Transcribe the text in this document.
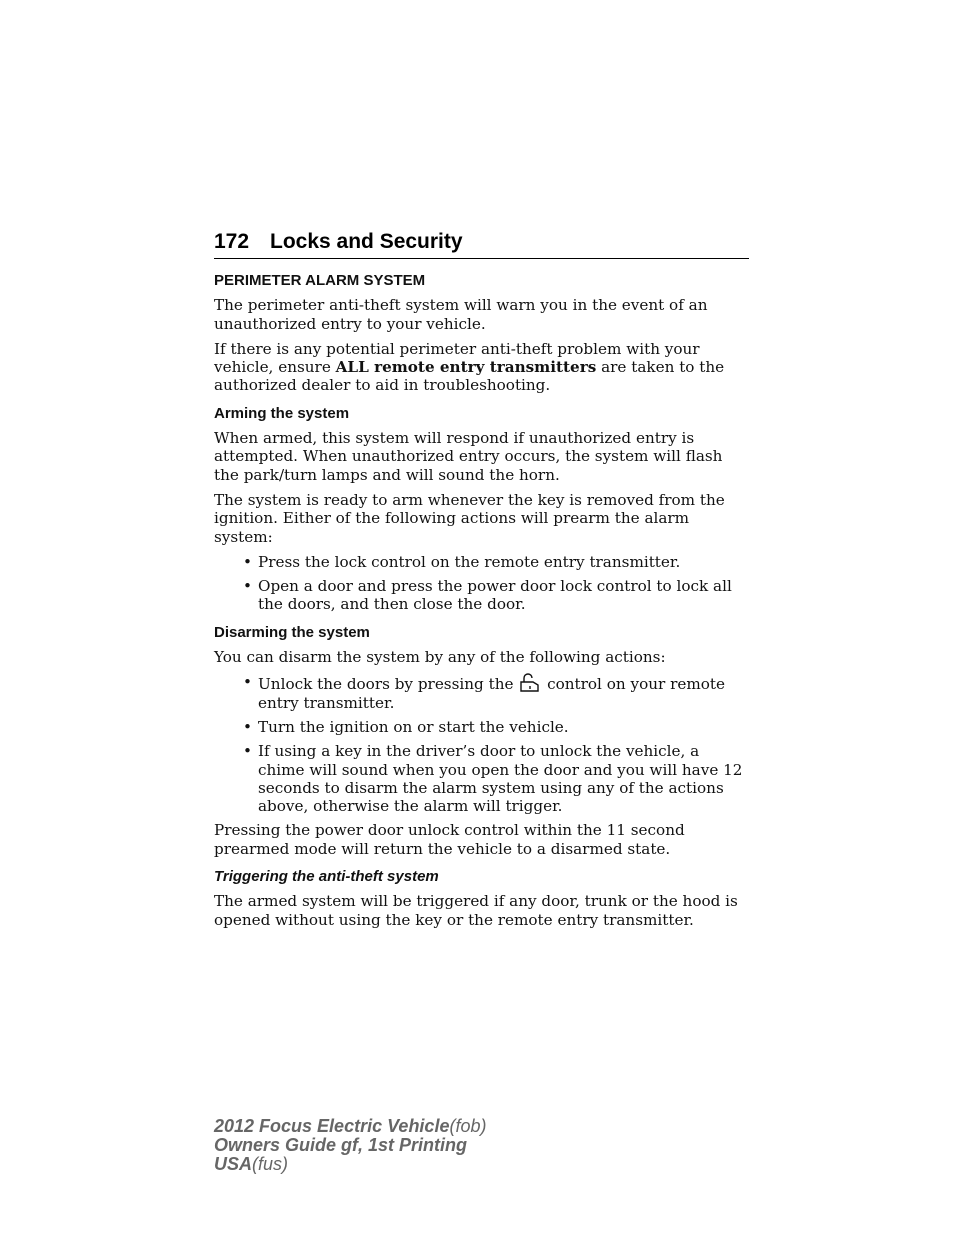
172 Locks and Security
PERIMETER ALARM SYSTEM

The perimeter anti-theft system will warn you in the event of an unauthorized entry to your vehicle.

If there is any potential perimeter anti-theft problem with your vehicle, ensure ALL remote entry transmitters are taken to the authorized dealer to aid in troubleshooting.

Arming the system

When armed, this system will respond if unauthorized entry is attempted. When unauthorized entry occurs, the system will flash the park/turn lamps and will sound the horn.

The system is ready to arm whenever the key is removed from the ignition. Either of the following actions will prearm the alarm system:

• Press the lock control on the remote entry transmitter.
• Open a door and press the power door lock control to lock all the doors, and then close the door.
Disarming the system

You can disarm the system by any of the following actions:

• Unlock the doors by pressing the  control on your remote entry transmitter.
• Turn the ignition on or start the vehicle.
• If using a key in the driver’s door to unlock the vehicle, a chime will sound when you open the door and you will have 12 seconds to disarm the alarm system using any of the actions above, otherwise the alarm will trigger.

Pressing the power door unlock control within the 11 second prearmed mode will return the vehicle to a disarmed state.

Triggering the anti-theft system

The armed system will be triggered if any door, trunk or the hood is opened without using the key or the remote entry transmitter.

2012 Focus Electric Vehicle(fob)
Owners Guide gf, 1st Printing
USA(fus)
